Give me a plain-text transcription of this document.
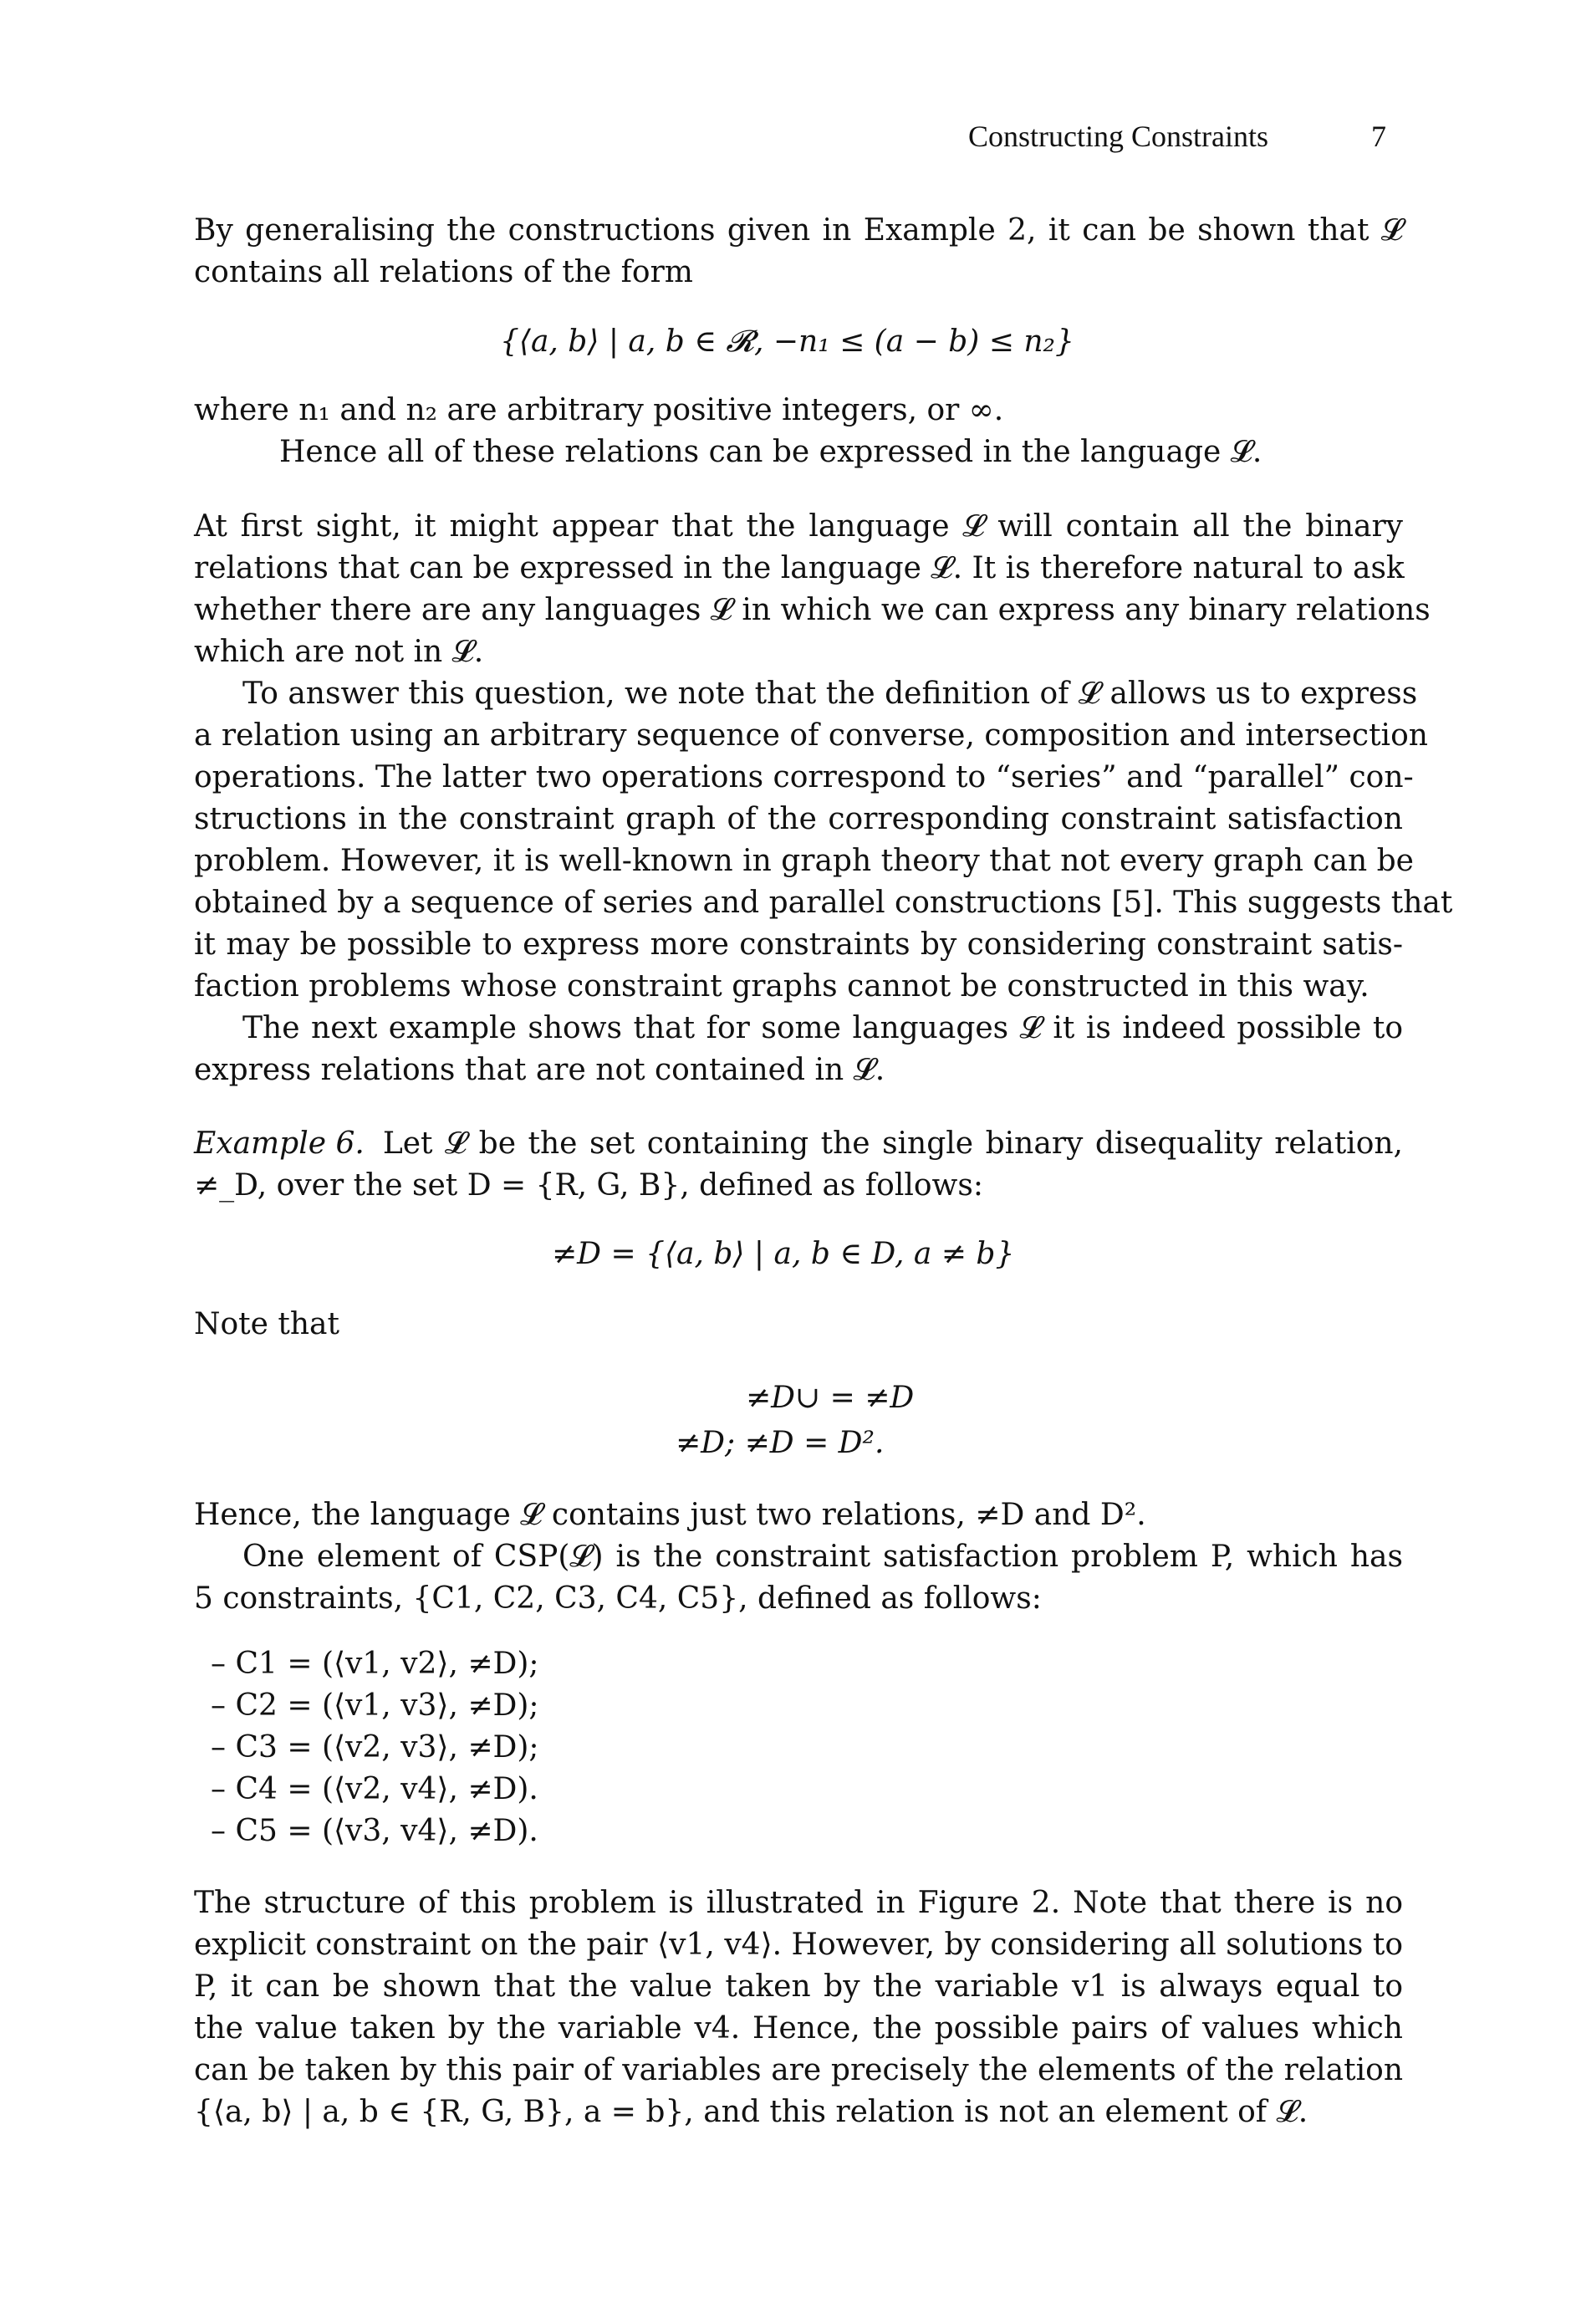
Constructing Constraints	7
By generalising the constructions given in Example 2, it can be shown that 𝓛
contains all relations of the form
{⟨a, b⟩ | a, b ∈ 𝓡, −n₁ ≤ (a − b) ≤ n₂}
where n₁ and n₂ are arbitrary positive integers, or ∞.
Hence all of these relations can be expressed in the language 𝓛.
At first sight, it might appear that the language 𝓛 will contain all the binary
relations that can be expressed in the language 𝓛. It is therefore natural to ask
whether there are any languages 𝓛 in which we can express any binary relations
which are not in 𝓛.
To answer this question, we note that the definition of 𝓛 allows us to express
a relation using an arbitrary sequence of converse, composition and intersection
operations. The latter two operations correspond to “series” and “parallel” con-
structions in the constraint graph of the corresponding constraint satisfaction
problem. However, it is well-known in graph theory that not every graph can be
obtained by a sequence of series and parallel constructions [5]. This suggests that
it may be possible to express more constraints by considering constraint satis-
faction problems whose constraint graphs cannot be constructed in this way.
The next example shows that for some languages 𝓛 it is indeed possible to
express relations that are not contained in 𝓛.
Example 6. Let 𝓛 be the set containing the single binary disequality relation,
≠_D, over the set D = {R, G, B}, defined as follows:
≠D = {⟨a, b⟩ | a, b ∈ D, a ≠ b}
Note that
≠D∪ = ≠D
≠D; ≠D = D².
Hence, the language 𝓛 contains just two relations, ≠D and D².
One element of CSP(𝓛) is the constraint satisfaction problem P, which has
5 constraints, {C1, C2, C3, C4, C5}, defined as follows:
– C1 = (⟨v1, v2⟩, ≠D);
– C2 = (⟨v1, v3⟩, ≠D);
– C3 = (⟨v2, v3⟩, ≠D);
– C4 = (⟨v2, v4⟩, ≠D).
– C5 = (⟨v3, v4⟩, ≠D).
The structure of this problem is illustrated in Figure 2. Note that there is no
explicit constraint on the pair ⟨v1, v4⟩. However, by considering all solutions to
P, it can be shown that the value taken by the variable v1 is always equal to
the value taken by the variable v4. Hence, the possible pairs of values which
can be taken by this pair of variables are precisely the elements of the relation
{⟨a, b⟩ | a, b ∈ {R, G, B}, a = b}, and this relation is not an element of 𝓛.
